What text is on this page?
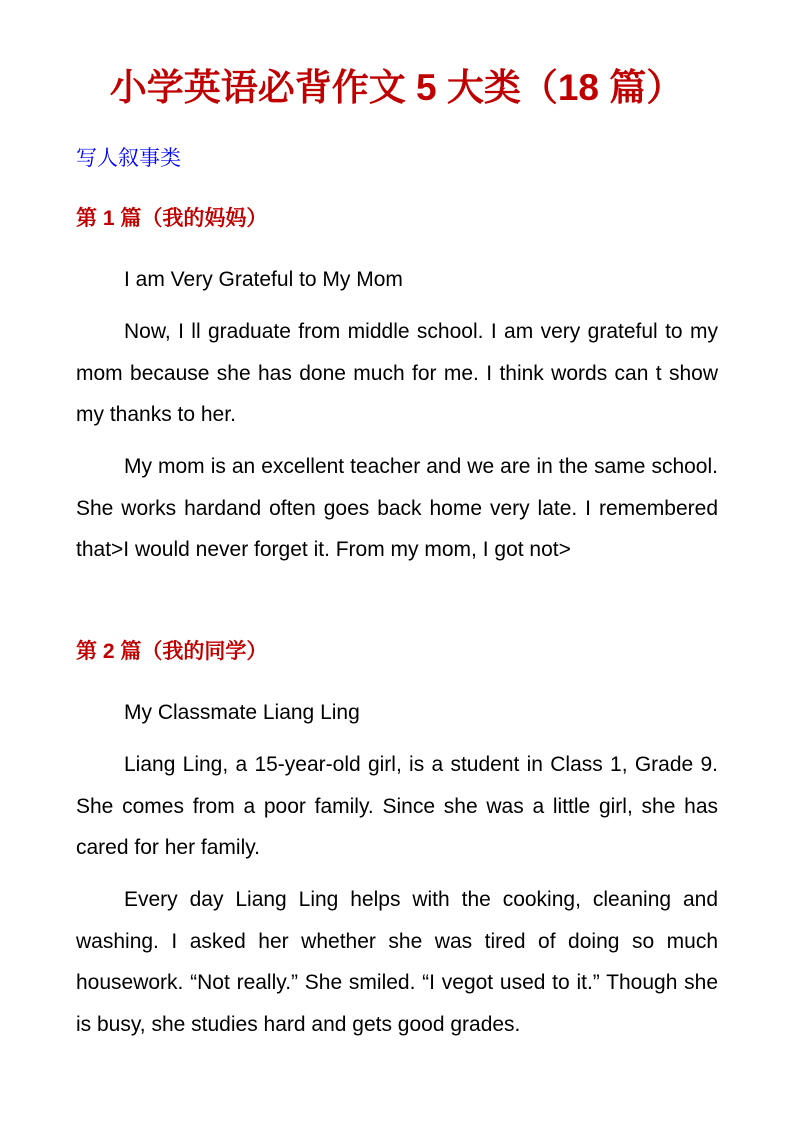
小学英语必背作文 5 大类（18 篇）
写人叙事类
第 1 篇（我的妈妈）
I am Very Grateful to My Mom

Now, I ll graduate from middle school. I am very grateful to my mom because she has done much for me. I think words can t show my thanks to her.

My mom is an excellent teacher and we are in the same school. She works hardand often goes back home very late. I remembered that>I would never forget it. From my mom, I got not>

第 2 篇（我的同学）
My Classmate Liang Ling

Liang Ling, a 15-year-old girl, is a student in Class 1, Grade 9. She comes from a poor family. Since she was a little girl, she has cared for her family.

Every day Liang Ling helps with the cooking, cleaning and washing. I asked her whether she was tired of doing so much housework. “Not really.” She smiled. “I vegot used to it.” Though she is busy, she studies hard and gets good grades.
